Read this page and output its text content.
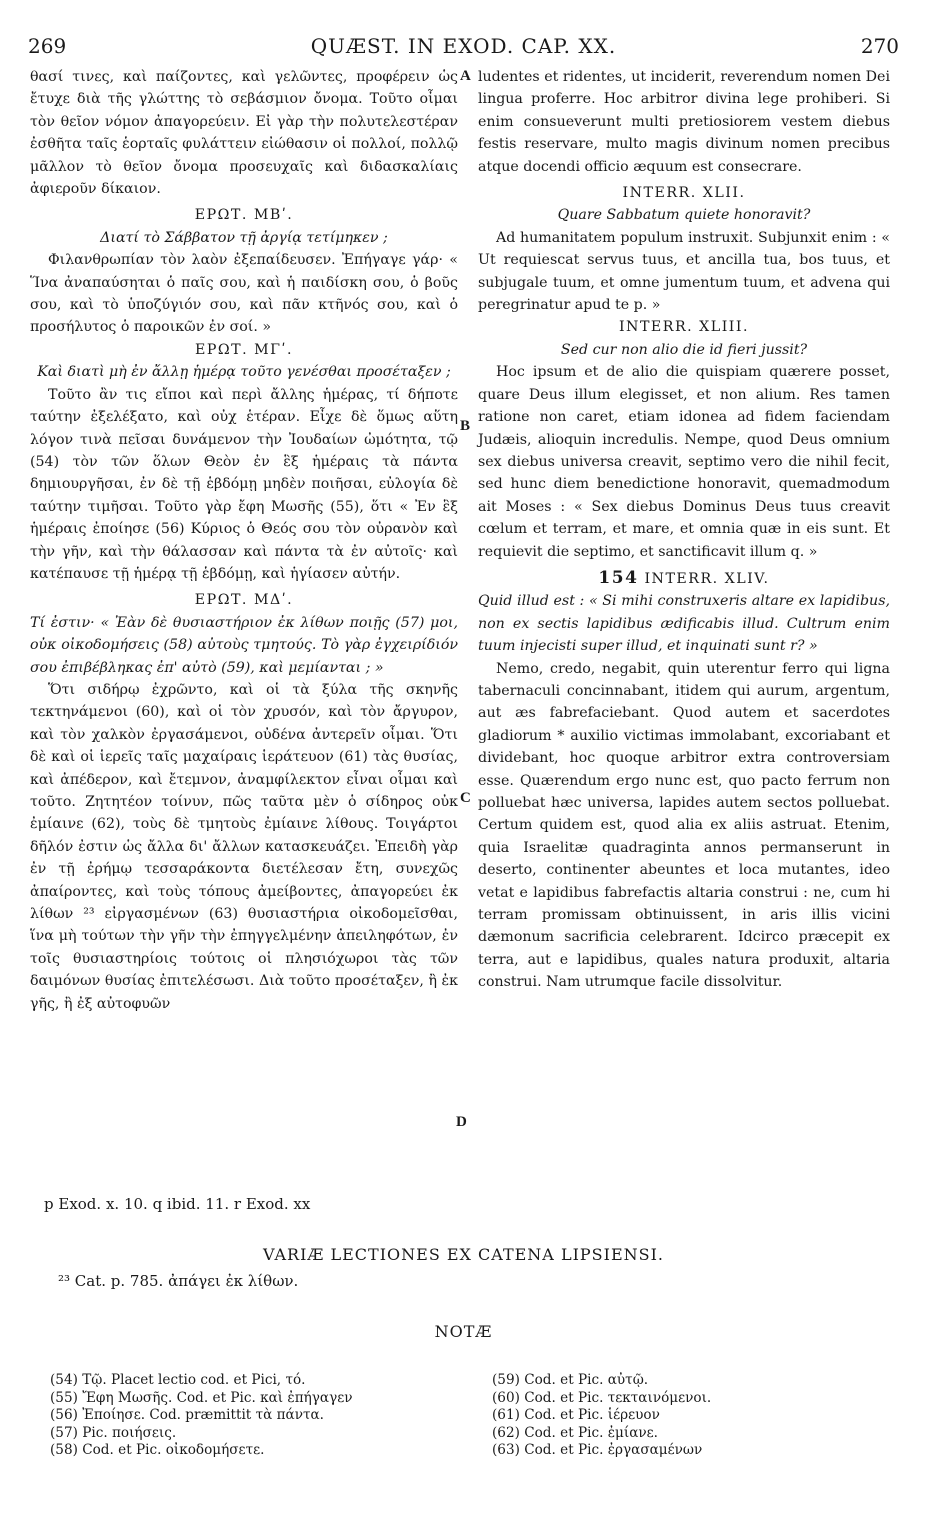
269	QUÆST. IN EXOD. CAP. XX.	270
A
B
C
D

θασί τινες, καὶ παίζοντες, καὶ γελῶντες, προφέρειν ὡς ἔτυχε διὰ τῆς γλώττης τὸ σεβάσμιον ὄνομα. Τοῦτο οἶμαι τὸν θεῖον νόμον ἀπαγορεύειν. Εἰ γὰρ τὴν πολυτελεστέραν ἐσθῆτα ταῖς ἑορταῖς φυλάττειν εἰώθασιν οἱ πολλοί, πολλῷ μᾶλλον τὸ θεῖον ὄνομα προσευχαῖς καὶ διδασκαλίαις ἀφιεροῦν δίκαιον.

ΕΡΩΤ. ΜΒʹ.

Διατί τὸ Σάββατον τῇ ἀργίᾳ τετίμηκεν ;

Φιλανθρωπίαν τὸν λαὸν ἐξεπαίδευσεν. Ἐπήγαγε γάρ· « Ἵνα ἀναπαύσηται ὁ παῖς σου, καὶ ἡ παιδίσκη σου, ὁ βοῦς σου, καὶ τὸ ὑποζύγιόν σου, καὶ πᾶν κτῆνός σου, καὶ ὁ προσήλυτος ὁ παροικῶν ἐν σοί. »

ΕΡΩΤ. ΜΓʹ.

Καὶ διατὶ μὴ ἐν ἄλλῃ ἡμέρᾳ τοῦτο γενέσθαι προσέταξεν ;

Τοῦτο ἂν τις εἴποι καὶ περὶ ἄλλης ἡμέρας, τί δήποτε ταύτην ἐξελέξατο, καὶ οὐχ ἑτέραν. Εἶχε δὲ ὅμως αὕτη λόγον τινὰ πεῖσαι δυνάμενον τὴν Ἰουδαίων ὠμότητα, τῷ (54) τὸν τῶν ὅλων Θεὸν ἐν ἓξ ἡμέραις τὰ πάντα δημιουργῆσαι, ἐν δὲ τῇ ἑβδόμῃ μηδὲν ποιῆσαι, εὐλογία δὲ ταύτην τιμῆσαι. Τοῦτο γὰρ ἔφη Μωσῆς (55), ὅτι « Ἐν ἓξ ἡμέραις ἐποίησε (56) Κύριος ὁ Θεός σου τὸν οὐρανὸν καὶ τὴν γῆν, καὶ τὴν θάλασσαν καὶ πάντα τὰ ἐν αὐτοῖς· καὶ κατέπαυσε τῇ ἡμέρᾳ τῇ ἑβδόμῃ, καὶ ἡγίασεν αὐτήν.

ΕΡΩΤ. ΜΔʹ.

Τί ἐστιν· « Ἐὰν δὲ θυσιαστήριον ἐκ λίθων ποιῇς (57) μοι, οὐκ οἰκοδομήσεις (58) αὐτοὺς τμητούς. Τὸ γὰρ ἐγχειρίδιόν σου ἐπιβέβληκας ἐπ' αὐτὸ (59), καὶ μεμίανται ; »

Ὅτι σιδήρῳ ἐχρῶντο, καὶ οἱ τὰ ξύλα τῆς σκηνῆς τεκτηνάμενοι (60), καὶ οἱ τὸν χρυσόν, καὶ τὸν ἄργυρον, καὶ τὸν χαλκὸν ἐργασάμενοι, οὐδένα ἀντερεῖν οἶμαι. Ὅτι δὲ καὶ οἱ ἱερεῖς ταῖς μαχαίραις ἱεράτευον (61) τὰς θυσίας, καὶ ἀπέδερον, καὶ ἔτεμνον, ἀναμφίλεκτον εἶναι οἶμαι καὶ τοῦτο. Ζητητέον τοίνυν, πῶς ταῦτα μὲν ὁ σίδηρος οὐκ ἐμίαινε (62), τοὺς δὲ τμητοὺς ἐμίαινε λίθους. Τοιγάρτοι δῆλόν ἐστιν ὡς ἄλλα δι' ἄλλων κατασκευάζει. Ἐπειδὴ γὰρ ἐν τῇ ἐρήμῳ τεσσαράκοντα διετέλεσαν ἔτη, συνεχῶς ἀπαίροντες, καὶ τοὺς τόπους ἀμείβοντες, ἀπαγορεύει ἐκ λίθων ²³ εἰργασμένων (63) θυσιαστήρια οἰκοδομεῖσθαι, ἵνα μὴ τούτων τὴν γῆν τὴν ἐπηγγελμένην ἀπειληφότων, ἐν τοῖς θυσιαστηρίοις τούτοις οἱ πλησιόχωροι τὰς τῶν δαιμόνων θυσίας ἐπιτελέσωσι. Διὰ τοῦτο προσέταξεν, ἢ ἐκ γῆς, ἢ ἐξ αὐτοφυῶν

ludentes et ridentes, ut inciderit, reverendum nomen Dei lingua proferre. Hoc arbitror divina lege prohiberi. Si enim consueverunt multi pretiosiorem vestem diebus festis reservare, multo magis divinum nomen precibus atque docendi officio æquum est consecrare.

INTERR. XLII.

Quare Sabbatum quiete honoravit?

Ad humanitatem populum instruxit. Subjunxit enim : « Ut requiescat servus tuus, et ancilla tua, bos tuus, et subjugale tuum, et omne jumentum tuum, et advena qui peregrinatur apud te p. »

INTERR. XLIII.

Sed cur non alio die id fieri jussit?

Hoc ipsum et de alio die quispiam quærere posset, quare Deus illum elegisset, et non alium. Res tamen ratione non caret, etiam idonea ad fidem faciendam Judæis, alioquin incredulis. Nempe, quod Deus omnium sex diebus universa creavit, septimo vero die nihil fecit, sed hunc diem benedictione honoravit, quemadmodum ait Moses : « Sex diebus Dominus Deus tuus creavit cœlum et terram, et mare, et omnia quæ in eis sunt. Et requievit die septimo, et sanctificavit illum q. »

154 INTERR. XLIV.

Quid illud est : « Si mihi construxeris altare ex lapidibus, non ex sectis lapidibus ædificabis illud. Cultrum enim tuum injecisti super illud, et inquinati sunt r? »

Nemo, credo, negabit, quin uterentur ferro qui ligna tabernaculi concinnabant, itidem qui aurum, argentum, aut æs fabrefaciebant. Quod autem et sacerdotes gladiorum * auxilio victimas immolabant, excoriabant et dividebant, hoc quoque arbitror extra controversiam esse. Quærendum ergo nunc est, quo pacto ferrum non polluebat hæc universa, lapides autem sectos polluebat. Certum quidem est, quod alia ex aliis astruat. Etenim, quia Israelitæ quadraginta annos permanserunt in deserto, continenter abeuntes et loca mutantes, ideo vetat e lapidibus fabrefactis altaria construi : ne, cum hi terram promissam obtinuissent, in aris illis vicini dæmonum sacrificia celebrarent. Idcirco præcepit ex terra, aut e lapidibus, quales natura produxit, altaria construi. Nam utrumque facile dissolvitur.

p Exod. x. 10. q ibid. 11. r Exod. xx
VARIÆ LECTIONES EX CATENA LIPSIENSI.
²³ Cat. p. 785. ἀπάγει ἐκ λίθων.
NOTÆ
(54) Τῷ. Placet lectio cod. et Pici, τό.
(55) Ἔφη Μωσῆς. Cod. et Pic. καὶ ἐπήγαγεν
(56) Ἐποίησε. Cod. præmittit τὰ πάντα.
(57) Pic. ποιήσεις.
(58) Cod. et Pic. οἰκοδομήσετε.
(59) Cod. et Pic. αὐτῷ.
(60) Cod. et Pic. τεκταινόμενοι.
(61) Cod. et Pic. ἱέρευον
(62) Cod. et Pic. ἐμίανε.
(63) Cod. et Pic. ἐργασαμένων
